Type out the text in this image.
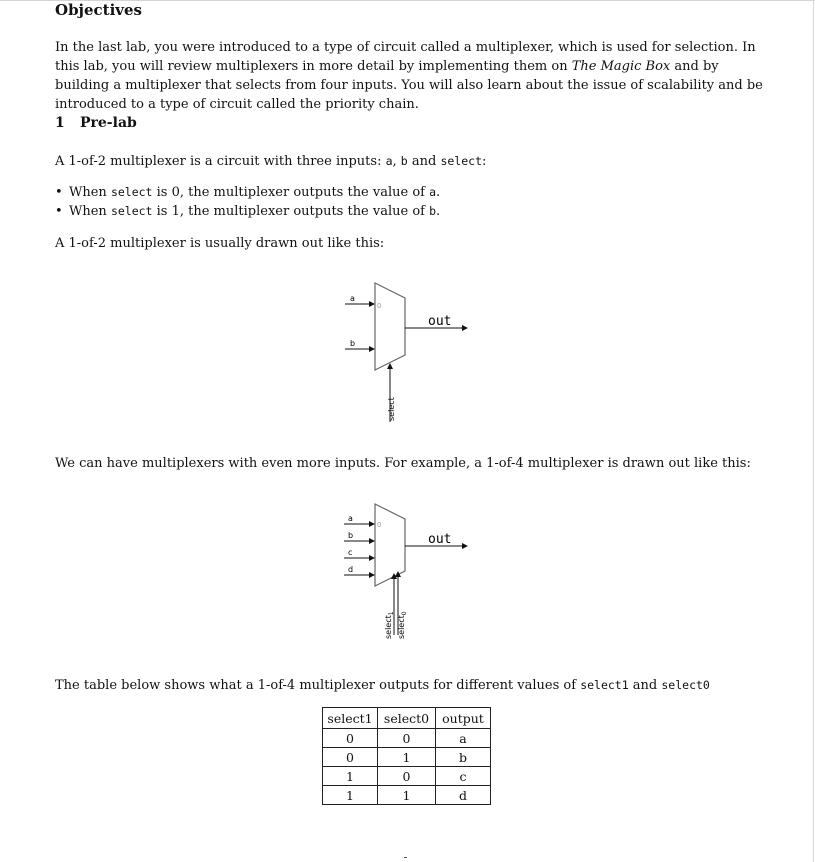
Objectives

In the last lab, you were introduced to a type of circuit called a multiplexer, which is used for selection. In this lab, you will review multiplexers in more detail by implementing them on The Magic Box and by building a multiplexer that selects from four inputs. You will also learn about the issue of scalability and be introduced to a type of circuit called the priority chain.

1 Pre-lab

A 1-of-2 multiplexer is a circuit with three inputs: a, b and select:

• When select is 0, the multiplexer outputs the value of a.
• When select is 1, the multiplexer outputs the value of b.

A 1-of-2 multiplexer is usually drawn out like this:

0
a
b
out
select

We can have multiplexers with even more inputs. For example, a 1-of-4 multiplexer is drawn out like this:

0
a
b
c
d
out
select$_1$
select$_0$

The table below shows what a 1-of-4 multiplexer outputs for different values of select1 and select0

select1	select0	output
0	0	a
0	1	b
1	0	c
1	1	d
